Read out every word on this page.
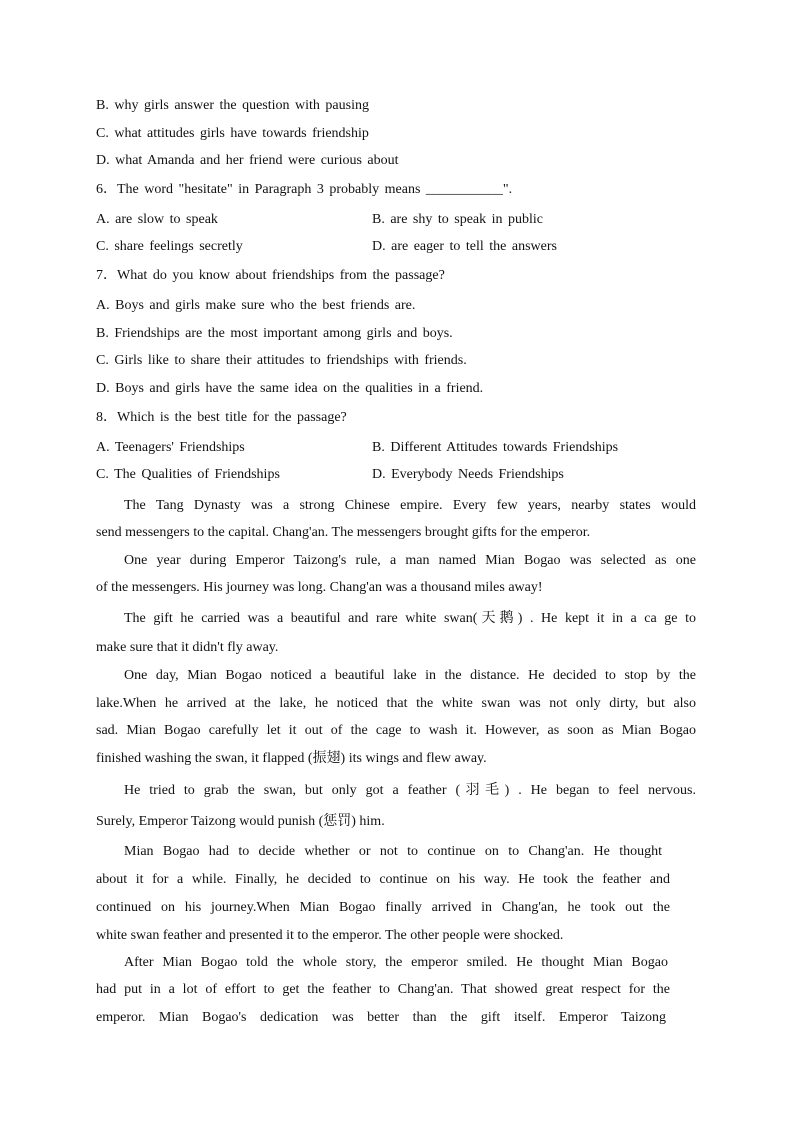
B. why girls answer the question with pausing
C. what attitudes girls have towards friendship
D. what Amanda and her friend were curious about
6．The word "hesitate" in Paragraph 3 probably means ___________".
A. are slow to speak	B. are shy to speak in public
C. share feelings secretly	D. are eager to tell the answers
7．What do you know about friendships from the passage?
A. Boys and girls make sure who the best friends are.
B. Friendships are the most important among girls and boys.
C. Girls like to share their attitudes to friendships with friends.
D. Boys and girls have the same idea on the qualities in a friend.
8．Which is the best title for the passage?
A. Teenagers' Friendships	B. Different Attitudes towards Friendships
C. The Qualities of Friendships	D. Everybody Needs Friendships
The Tang Dynasty was a strong Chinese empire. Every few years, nearby states would
send messengers to the capital. Chang'an. The messengers brought gifts for the emperor.
One year during Emperor Taizong's rule, a man named Mian Bogao was selected as one
of the messengers. His journey was long. Chang'an was a thousand miles away!
The gift he carried was a beautiful and rare white swan(天鹅) . He kept it in a ca ge to
make sure that it didn't fly away.
One day, Mian Bogao noticed a beautiful lake in the distance. He decided to stop by the
lake.When he arrived at the lake, he noticed that the white swan was not only dirty, but also
sad. Mian Bogao carefully let it out of the cage to wash it. However, as soon as Mian Bogao
finished washing the swan, it flapped (振翅) its wings and flew away.
He tried to grab the swan, but only got a feather (羽毛) . He began to feel nervous.
Surely, Emperor Taizong would punish (惩罚) him.
Mian Bogao had to decide whether or not to continue on to Chang'an. He thought
about it for a while. Finally, he decided to continue on his way. He took the feather and
continued on his journey.When Mian Bogao finally arrived in Chang'an, he took out the
white swan feather and presented it to the emperor. The other people were shocked.
After Mian Bogao told the whole story, the emperor smiled. He thought Mian Bogao
had put in a lot of effort to get the feather to Chang'an. That showed great respect for the
emperor. Mian Bogao's dedication was better than the gift itself. Emperor Taizong
